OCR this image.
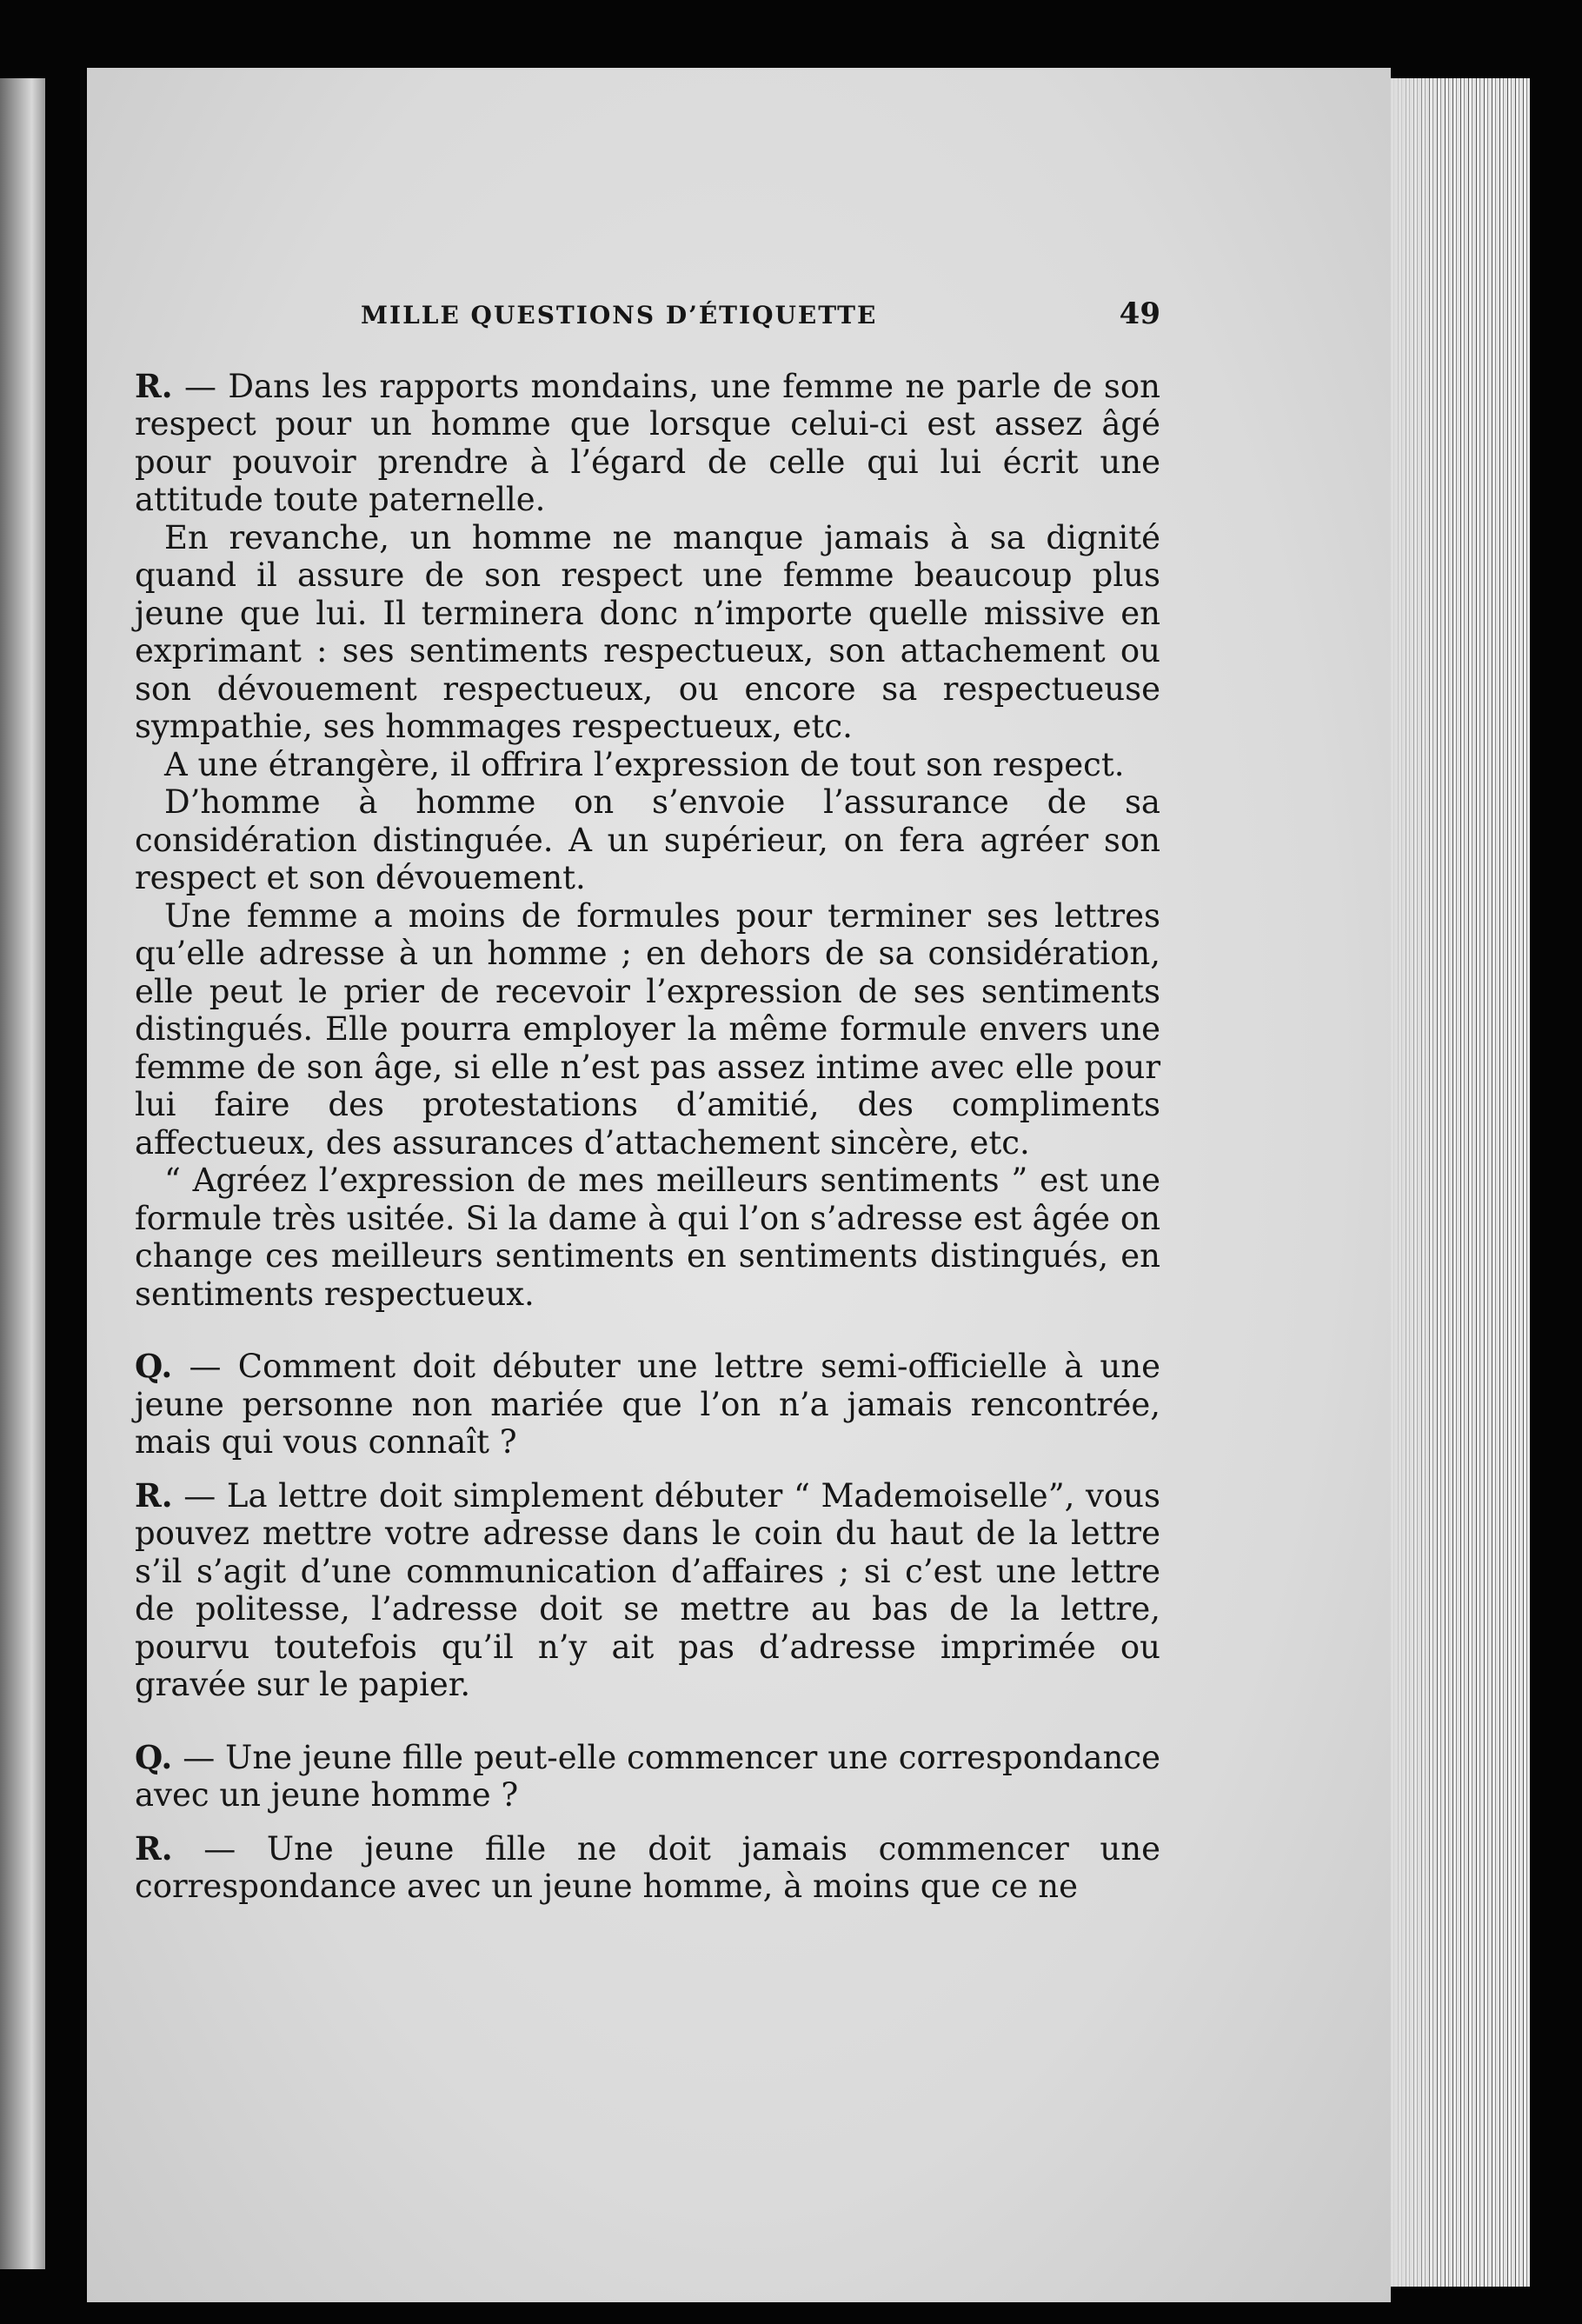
MILLE QUESTIONS D’ÉTIQUETTE	49

R. — Dans les rapports mondains, une femme ne parle de son respect pour un homme que lorsque celui-ci est assez âgé pour pouvoir prendre à l’égard de celle qui lui écrit une attitude toute paternelle.

En revanche, un homme ne manque jamais à sa dignité quand il assure de son respect une femme beaucoup plus jeune que lui. Il terminera donc n’importe quelle missive en exprimant : ses sentiments respectueux, son attachement ou son dévouement respectueux, ou encore sa respectueuse sympathie, ses hommages respectueux, etc.

A une étrangère, il offrira l’expression de tout son respect.

D’homme à homme on s’envoie l’assurance de sa considération distinguée. A un supérieur, on fera agréer son respect et son dévouement.

Une femme a moins de formules pour terminer ses lettres qu’elle adresse à un homme ; en dehors de sa considération, elle peut le prier de recevoir l’expression de ses sentiments distingués. Elle pourra employer la même formule envers une femme de son âge, si elle n’est pas assez intime avec elle pour lui faire des protestations d’amitié, des compliments affectueux, des assurances d’attachement sincère, etc.

“ Agréez l’expression de mes meilleurs sentiments ” est une formule très usitée. Si la dame à qui l’on s’adresse est âgée on change ces meilleurs sentiments en sentiments distingués, en sentiments respectueux.

Q. — Comment doit débuter une lettre semi-officielle à une jeune personne non mariée que l’on n’a jamais rencontrée, mais qui vous connaît ?

R. — La lettre doit simplement débuter “ Mademoiselle”, vous pouvez mettre votre adresse dans le coin du haut de la lettre s’il s’agit d’une communication d’affaires ; si c’est une lettre de politesse, l’adresse doit se mettre au bas de la lettre, pourvu toutefois qu’il n’y ait pas d’adresse imprimée ou gravée sur le papier.

Q. — Une jeune fille peut-elle commencer une correspondance avec un jeune homme ?

R. — Une jeune fille ne doit jamais commencer une correspondance avec un jeune homme, à moins que ce ne
